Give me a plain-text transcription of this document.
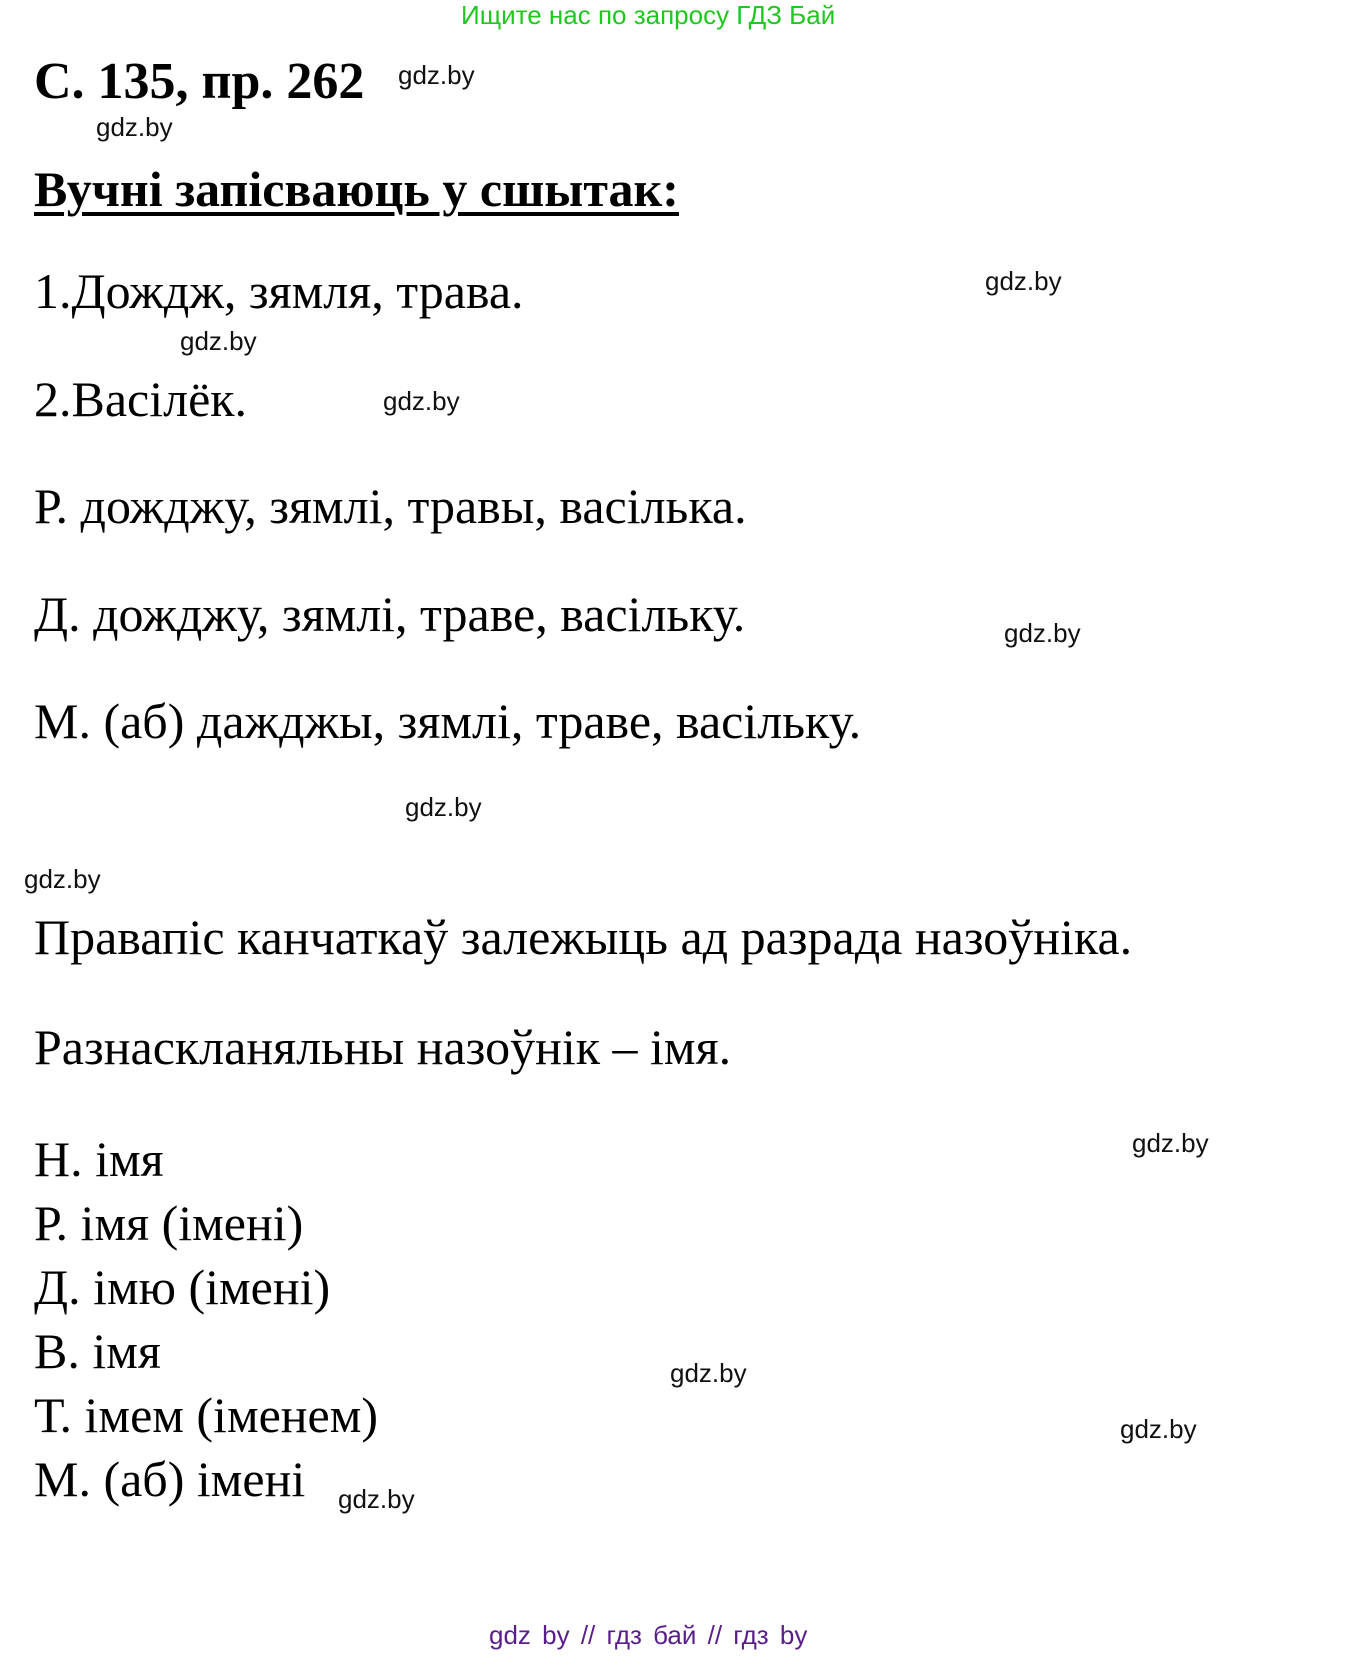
Ищите нас по запросу ГДЗ Бай
С. 135, пр. 262
Вучні запісваюць у сшытак:
1.Дождж, зямля, трава.
2.Васілёк.
Р. дождж‌у, зямлі, травы, васілька.
Д. дожджу, зямлі, траве, васільку.
М. (аб) дажджы, зямлі, траве, васільку.
Правапіс канчаткаў залежыць ад разрада назоўніка.
Разнаскланяльны назоўнік – імя.
Н. імя
Р. імя (імені)
Д. імю (імені)
В. імя
Т. імем (іменем)
М. (аб) імені
gdz.by
gdz.by
gdz.by
gdz.by
gdz.by
gdz.by
gdz.by
gdz.by
gdz.by
gdz.by
gdz.by
gdz.by
gdz by // гдз бай // гдз by
